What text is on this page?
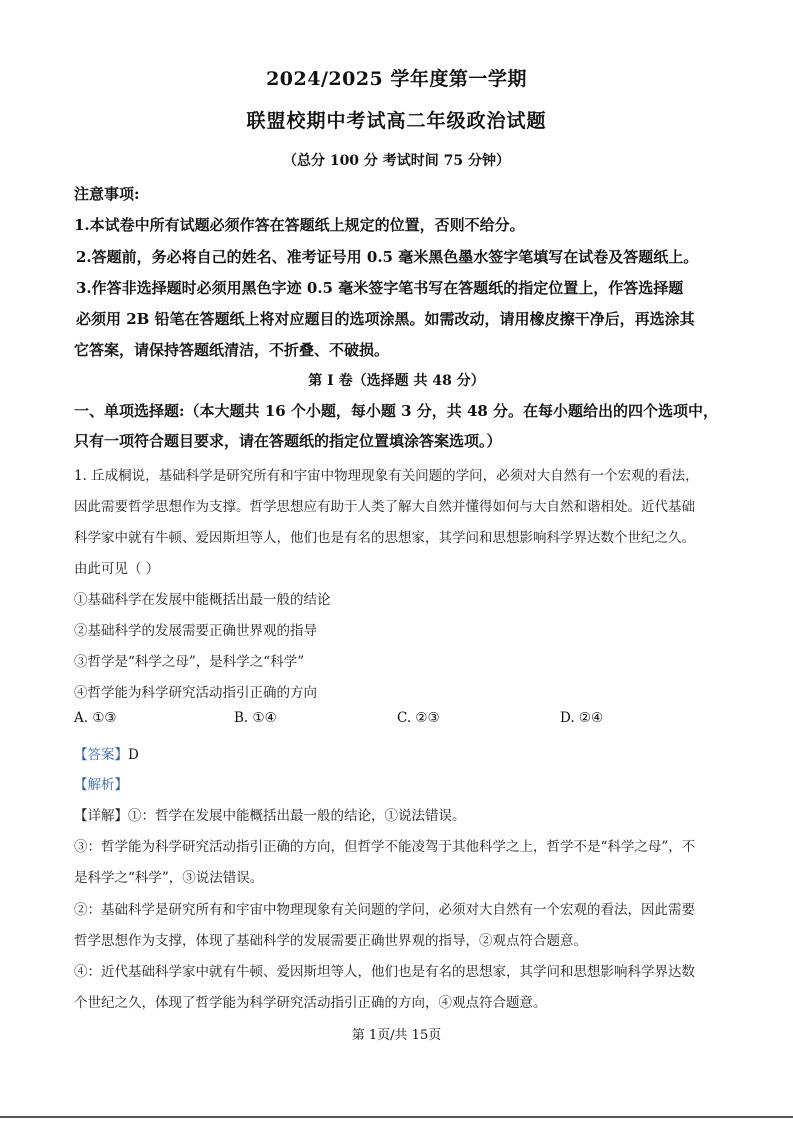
2024/2025 学年度第一学期
联盟校期中考试高二年级政治试题
（总分 100 分 考试时间 75 分钟）
注意事项:
1.本试卷中所有试题必须作答在答题纸上规定的位置，否则不给分。
2.答题前，务必将自己的姓名、准考证号用 0.5 毫米黑色墨水签字笔填写在试卷及答题纸上。
3.作答非选择题时必须用黑色字迹 0.5 毫米签字笔书写在答题纸的指定位置上，作答选择题
必须用 2B 铅笔在答题纸上将对应题目的选项涂黑。如需改动，请用橡皮擦干净后，再选涂其
它答案，请保持答题纸清洁，不折叠、不破损。
第 I 卷（选择题 共 48 分）
一、单项选择题:（本大题共 16 个小题，每小题 3 分，共 48 分。在每小题给出的四个选项中，
只有一项符合题目要求，请在答题纸的指定位置填涂答案选项。）
1. 丘成桐说，基础科学是研究所有和宇宙中物理现象有关问题的学问，必须对大自然有一个宏观的看法，
因此需要哲学思想作为支撑。哲学思想应有助于人类了解大自然并懂得如何与大自然和谐相处。近代基础
科学家中就有牛顿、爱因斯坦等人，他们也是有名的思想家，其学问和思想影响科学界达数个世纪之久。
由此可见（ ）
①基础科学在发展中能概括出最一般的结论
②基础科学的发展需要正确世界观的指导
③哲学是“科学之母”，是科学之“科学”
④哲学能为科学研究活动指引正确的方向
A. ①③	B. ①④	C. ②③	D. ②④
【答案】D
【解析】
【详解】①：哲学在发展中能概括出最一般的结论，①说法错误。
③：哲学能为科学研究活动指引正确的方向，但哲学不能凌驾于其他科学之上，哲学不是“科学之母”，不
是科学之“科学”，③说法错误。
②：基础科学是研究所有和宇宙中物理现象有关问题的学问，必须对大自然有一个宏观的看法，因此需要
哲学思想作为支撑，体现了基础科学的发展需要正确世界观的指导，②观点符合题意。
④：近代基础科学家中就有牛顿、爱因斯坦等人，他们也是有名的思想家，其学问和思想影响科学界达数
个世纪之久，体现了哲学能为科学研究活动指引正确的方向，④观点符合题意。
第 1页/共 15页
